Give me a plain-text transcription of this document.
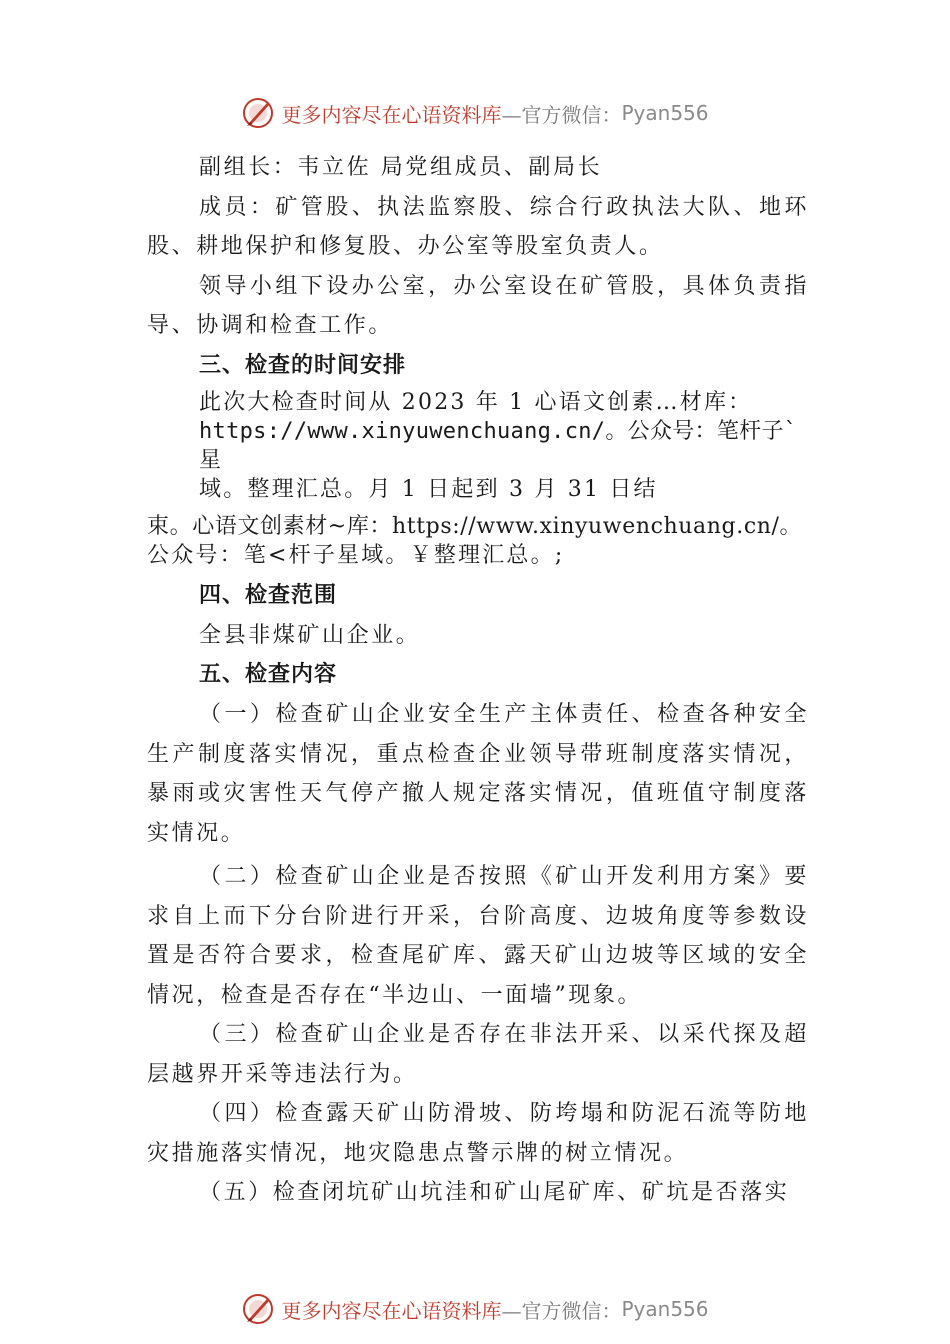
更多内容尽在心语资料库 —官方微信： Pyan556

副组长：韦立佐 局党组成员、副局长

成员：矿管股、执法监察股、综合行政执法大队、地环股、耕地保护和修复股、办公室等股室负责人。

领导小组下设办公室，办公室设在矿管股，具体负责指导、协调和检查工作。

三、检查的时间安排

此次大检查时间从 2023 年 1 心语文创素…材库：

https://www.xinyuwenchuang.cn/。公众号：笔杆子`星

域。整理汇总。月 1 日起到 3 月 31 日结

束。心语文创素材~库：https://www.xinyuwenchuang.cn/。

公众号：笔<杆子星域。￥整理汇总。;

四、检查范围

全县非煤矿山企业。

五、检查内容

（一）检查矿山企业安全生产主体责任、检查各种安全生产制度落实情况，重点检查企业领导带班制度落实情况， 暴雨或灾害性天气停产撤人规定落实情况，值班值守制度落实情况。

（二）检查矿山企业是否按照《矿山开发利用方案》要求自上而下分台阶进行开采，台阶高度、边坡角度等参数设置是否符合要求，检查尾矿库、露天矿山边坡等区域的安全情况，检查是否存在“半边山、一面墙”现象。

（三）检查矿山企业是否存在非法开采、以采代探及超层越界开采等违法行为。

（四）检查露天矿山防滑坡、防垮塌和防泥石流等防地灾措施落实情况，地灾隐患点警示牌的树立情况。

（五）检查闭坑矿山坑洼和矿山尾矿库、矿坑是否落实

更多内容尽在心语资料库 —官方微信： Pyan556
